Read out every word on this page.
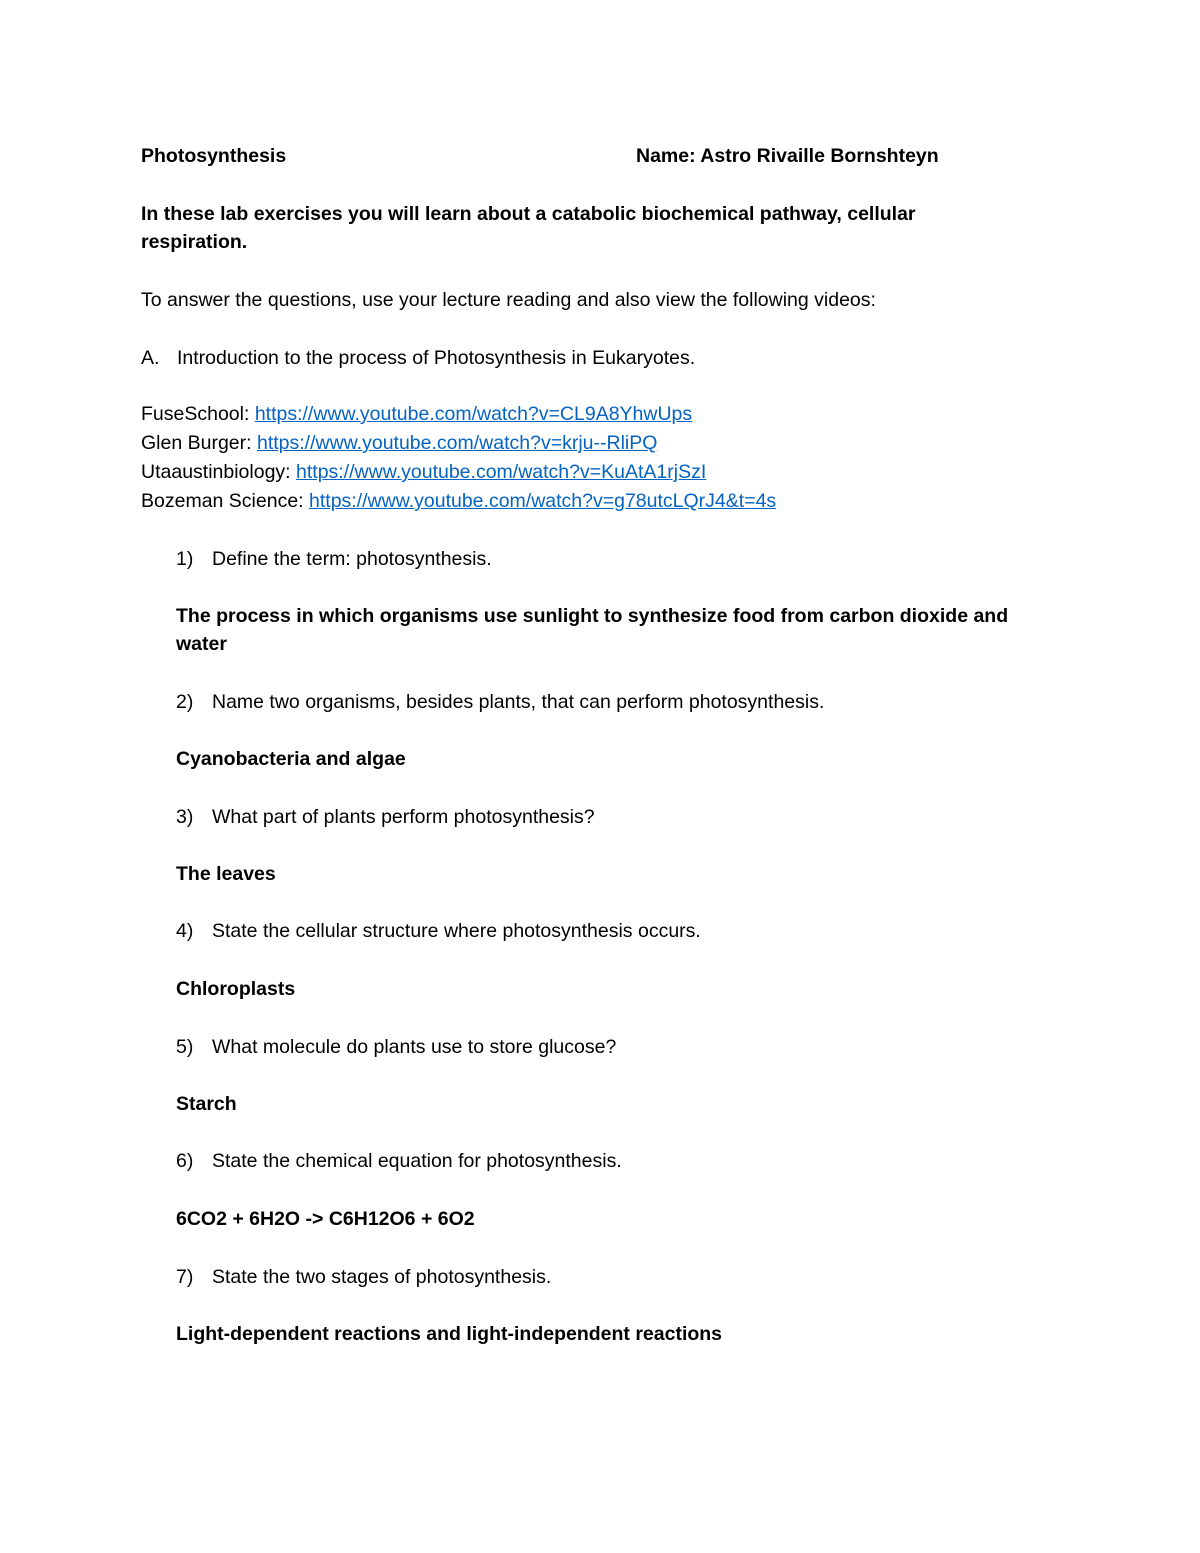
Photosynthesis	Name: Astro Rivaille Bornshteyn
In these lab exercises you will learn about a catabolic biochemical pathway, cellular
respiration.
To answer the questions, use your lecture reading and also view the following videos:
A. Introduction to the process of Photosynthesis in Eukaryotes.
FuseSchool: https://www.youtube.com/watch?v=CL9A8YhwUps
Glen Burger: https://www.youtube.com/watch?v=krju--RliPQ
Utaaustinbiology: https://www.youtube.com/watch?v=KuAtA1rjSzI
Bozeman Science: https://www.youtube.com/watch?v=g78utcLQrJ4&t=4s
1) Define the term: photosynthesis.
The process in which organisms use sunlight to synthesize food from carbon dioxide and
water
2) Name two organisms, besides plants, that can perform photosynthesis.
Cyanobacteria and algae
3) What part of plants perform photosynthesis?
The leaves
4) State the cellular structure where photosynthesis occurs.
Chloroplasts
5) What molecule do plants use to store glucose?
Starch
6) State the chemical equation for photosynthesis.
6CO2 + 6H2O -> C6H12O6 + 6O2
7) State the two stages of photosynthesis.
Light-dependent reactions and light-independent reactions
